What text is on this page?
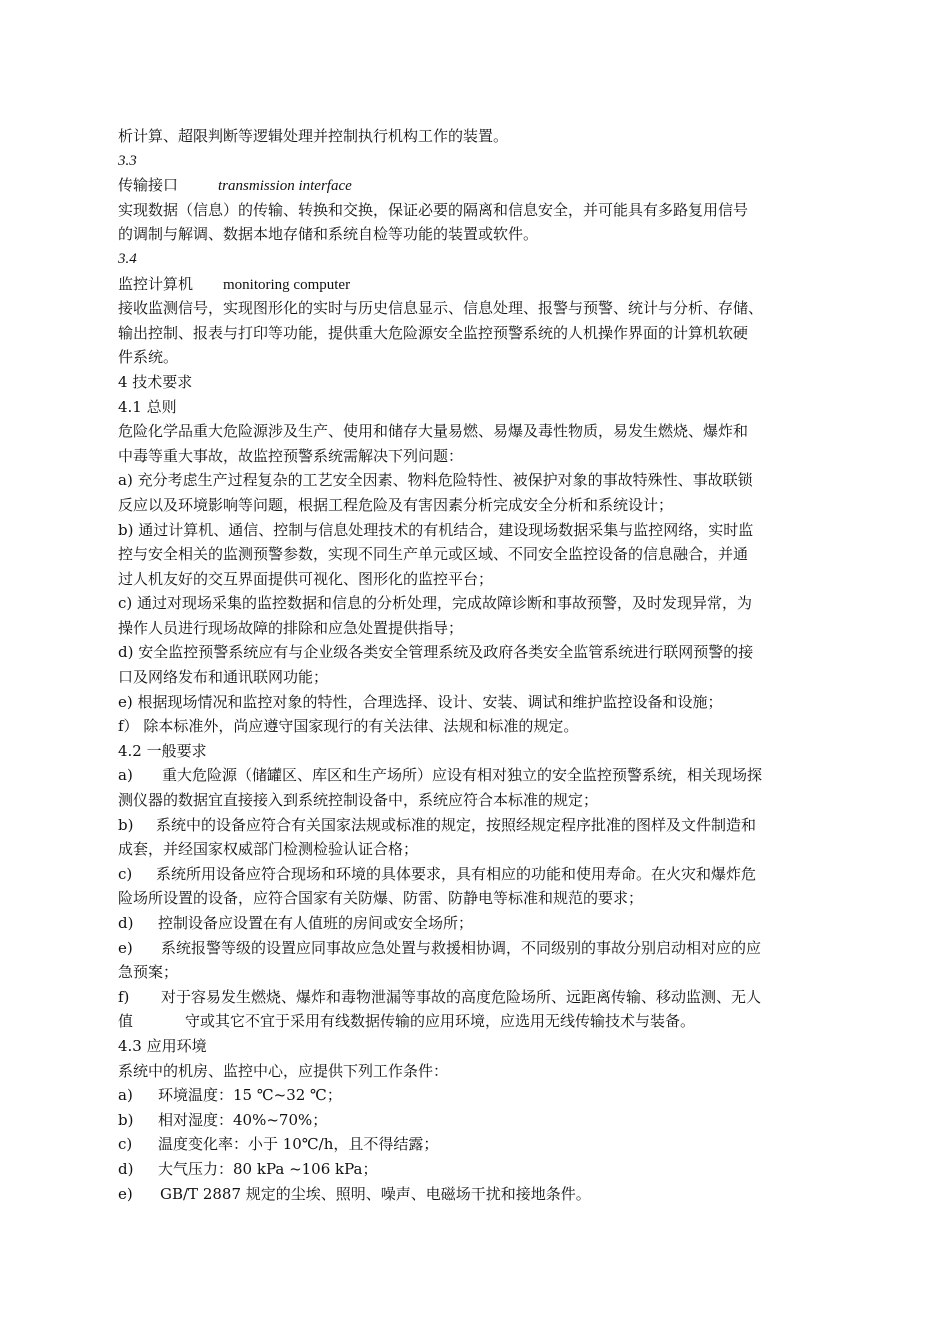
析计算、超限判断等逻辑处理并控制执行机构工作的装置。
3.3
传输接口	transmission interface
实现数据（信息）的传输、转换和交换，保证必要的隔离和信息安全，并可能具有多路复用信号
的调制与解调、数据本地存储和系统自检等功能的装置或软件。
3.4
监控计算机 monitoring computer
接收监测信号，实现图形化的实时与历史信息显示、信息处理、报警与预警、统计与分析、存储、
输出控制、报表与打印等功能，提供重大危险源安全监控预警系统的人机操作界面的计算机软硬
件系统。
4 技术要求
4.1 总则
危险化学品重大危险源涉及生产、使用和储存大量易燃、易爆及毒性物质，易发生燃烧、爆炸和
中毒等重大事故，故监控预警系统需解决下列问题：
a) 充分考虑生产过程复杂的工艺安全因素、物料危险特性、被保护对象的事故特殊性、事故联锁
反应以及环境影响等问题，根据工程危险及有害因素分析完成安全分析和系统设计；
b) 通过计算机、通信、控制与信息处理技术的有机结合，建设现场数据采集与监控网络，实时监
控与安全相关的监测预警参数，实现不同生产单元或区域、不同安全监控设备的信息融合，并通
过人机友好的交互界面提供可视化、图形化的监控平台；
c) 通过对现场采集的监控数据和信息的分析处理，完成故障诊断和事故预警，及时发现异常，为
操作人员进行现场故障的排除和应急处置提供指导；
d) 安全监控预警系统应有与企业级各类安全管理系统及政府各类安全监管系统进行联网预警的接
口及网络发布和通讯联网功能；
e) 根据现场情况和监控对象的特性，合理选择、设计、安装、调试和维护监控设备和设施；
f） 除本标准外，尚应遵守国家现行的有关法律、法规和标准的规定。
4.2 一般要求
a) 重大危险源（储罐区、库区和生产场所）应设有相对独立的安全监控预警系统，相关现场探
测仪器的数据宜直接接入到系统控制设备中，系统应符合本标准的规定；
b) 系统中的设备应符合有关国家法规或标准的规定，按照经规定程序批准的图样及文件制造和
成套，并经国家权威部门检测检验认证合格；
c) 系统所用设备应符合现场和环境的具体要求，具有相应的功能和使用寿命。在火灾和爆炸危
险场所设置的设备，应符合国家有关防爆、防雷、防静电等标准和规范的要求；
d) 控制设备应设置在有人值班的房间或安全场所；
e) 系统报警等级的设置应同事故应急处置与救援相协调，不同级别的事故分别启动相对应的应
急预案；
f) 对于容易发生燃烧、爆炸和毒物泄漏等事故的高度危险场所、远距离传输、移动监测、无人
值	守或其它不宜于采用有线数据传输的应用环境，应选用无线传输技术与装备。
4.3 应用环境
系统中的机房、监控中心，应提供下列工作条件：
a) 环境温度：15 ℃~32 ℃；
b) 相对湿度：40%~70%；
c) 温度变化率：小于 10℃/h，且不得结露；
d) 大气压力：80 kPa ~106 kPa；
e) GB/T 2887 规定的尘埃、照明、噪声、电磁场干扰和接地条件。
